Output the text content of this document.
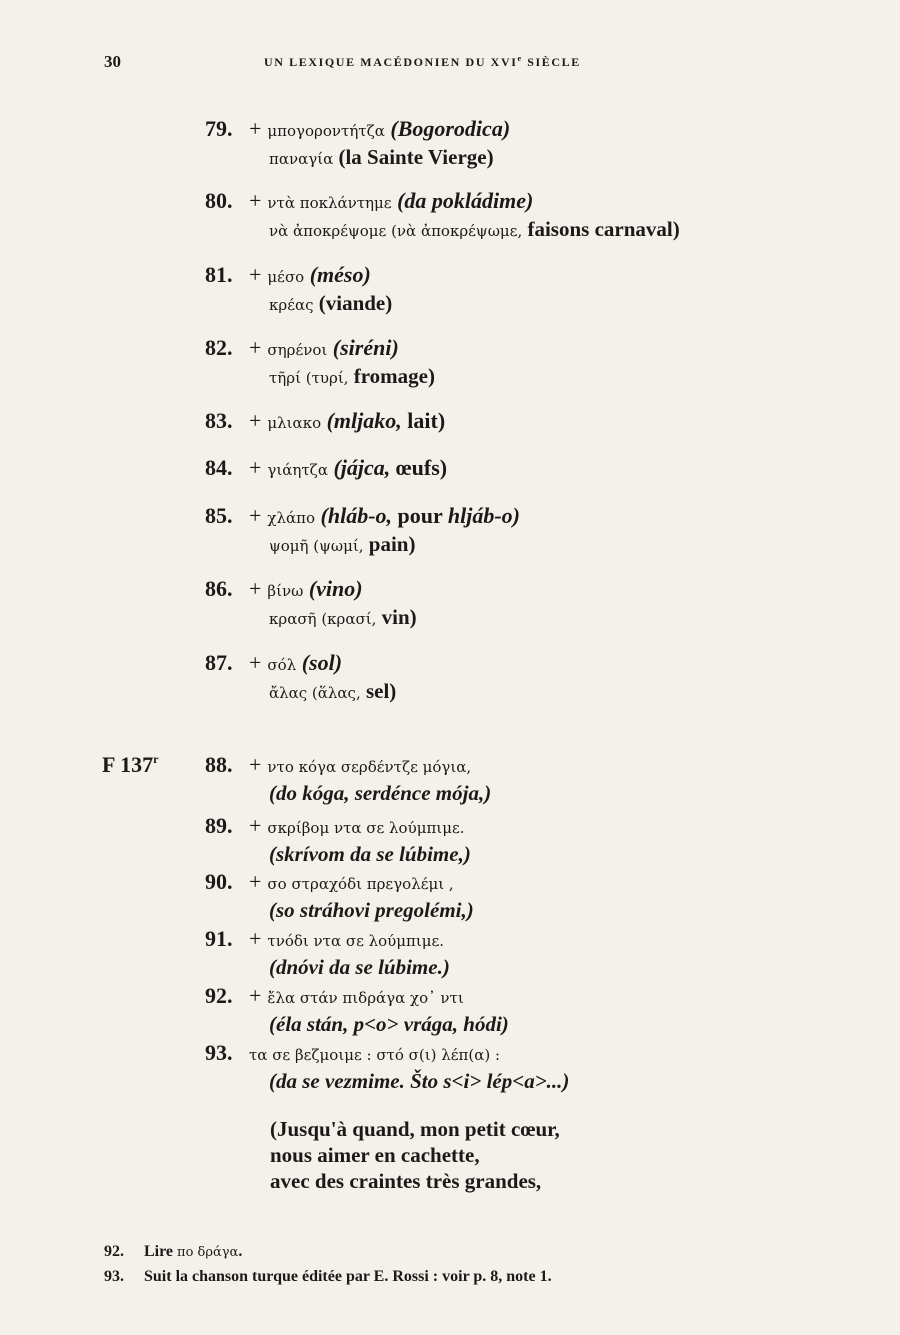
30	UN LEXIQUE MACÉDONIEN DU XVIe SIÈCLE
79. + μπογοροντήτζα (Bogorodica)
παναγία (la Sainte Vierge)
80. + ντὰ ποκλάντημε (da pokládime)
νὰ ἀποκρέψομε (νὰ ἀποκρέψωμε, faisons carnaval)
81. + μέσο (méso)
κρέας (viande)
82. + σηρένοι (siréni)
τῆρί (τυρί, fromage)
83. + μλιακο (mljako, lait)
84. + γιάητζα (jájca, œufs)
85. + χλάπο (hláb-o, pour hljáb-o)
ψομῆ (ψωμί, pain)
86. + βίνω (vino)
κρασῆ (κρασί, vin)
87. + σόλ (sol)
ἄλας (ἅλας, sel)
F 137$^r$ 88. + ντο κόγα σερδέντζε μόγια,
(do kóga, serdénce mója,)
89. + σκρίβομ ντα σε λούμπιμε.
(skrívom da se lúbime,)
90. + σο στραχόδι πρεγολέμι ,
(so stráhovi pregolémi,)
91. + τνόδι ντα σε λούμπιμε.
(dnóvi da se lúbime.)
92. + ἔλα στάν πιδράγα χο᾽ ντι
(éla stán, p<o> vrága, hódi)
93. τα σε βεζμοιμε : στό σ(ι) λέπ(α) :
(da se vezmime. Što s<i> lép<a>...)
(Jusqu'à quand, mon petit cœur,
nous aimer en cachette,
avec des craintes très grandes,
92. Lire πο δράγα.
93. Suit la chanson turque éditée par E. Rossi : voir p. 8, note 1.
